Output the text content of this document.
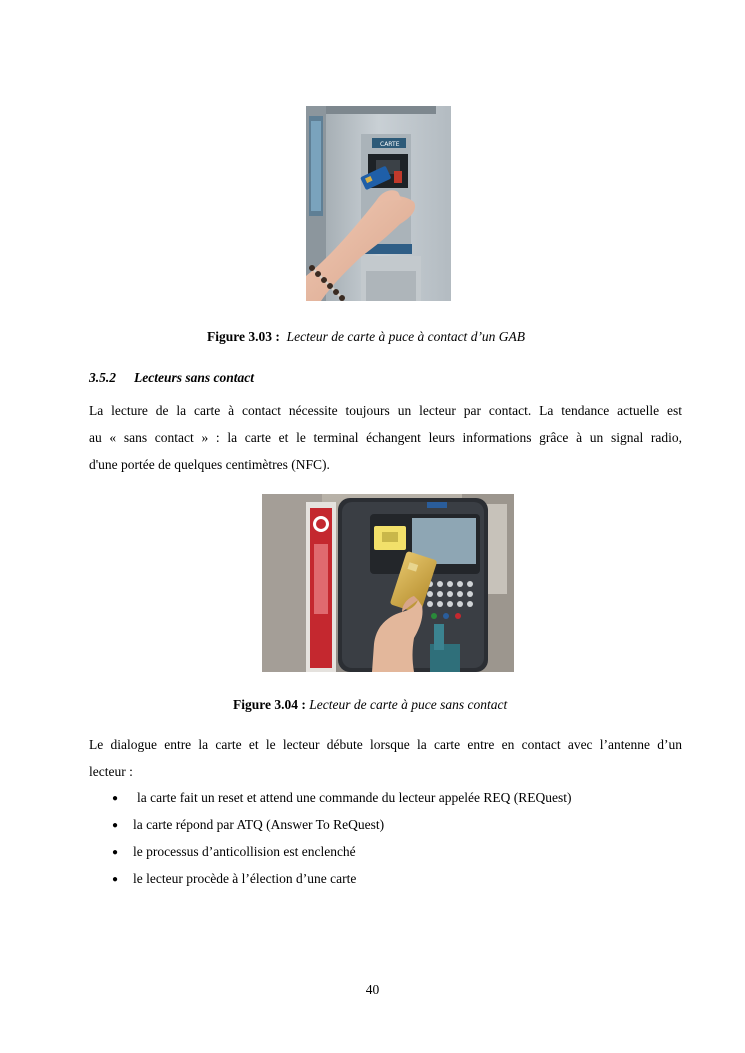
CARTE
Figure 3.03 : Lecteur de carte à puce à contact d’un GAB
3.5.2 Lecteurs sans contact
La lecture de la carte à contact nécessite toujours un lecteur par contact. La tendance actuelle est
au « sans contact » : la carte et le terminal échangent leurs informations grâce à un signal radio,
d'une portée de quelques centimètres (NFC).
Figure 3.04 : Lecteur de carte à puce sans contact
Le dialogue entre la carte et le lecteur débute lorsque la carte entre en contact avec l’antenne d’un
lecteur :
● la carte fait un reset et attend une commande du lecteur appelée REQ (REQuest)
● la carte répond par ATQ (Answer To ReQuest)
● le processus d’anticollision est enclenché
● le lecteur procède à l’élection d’une carte
40
